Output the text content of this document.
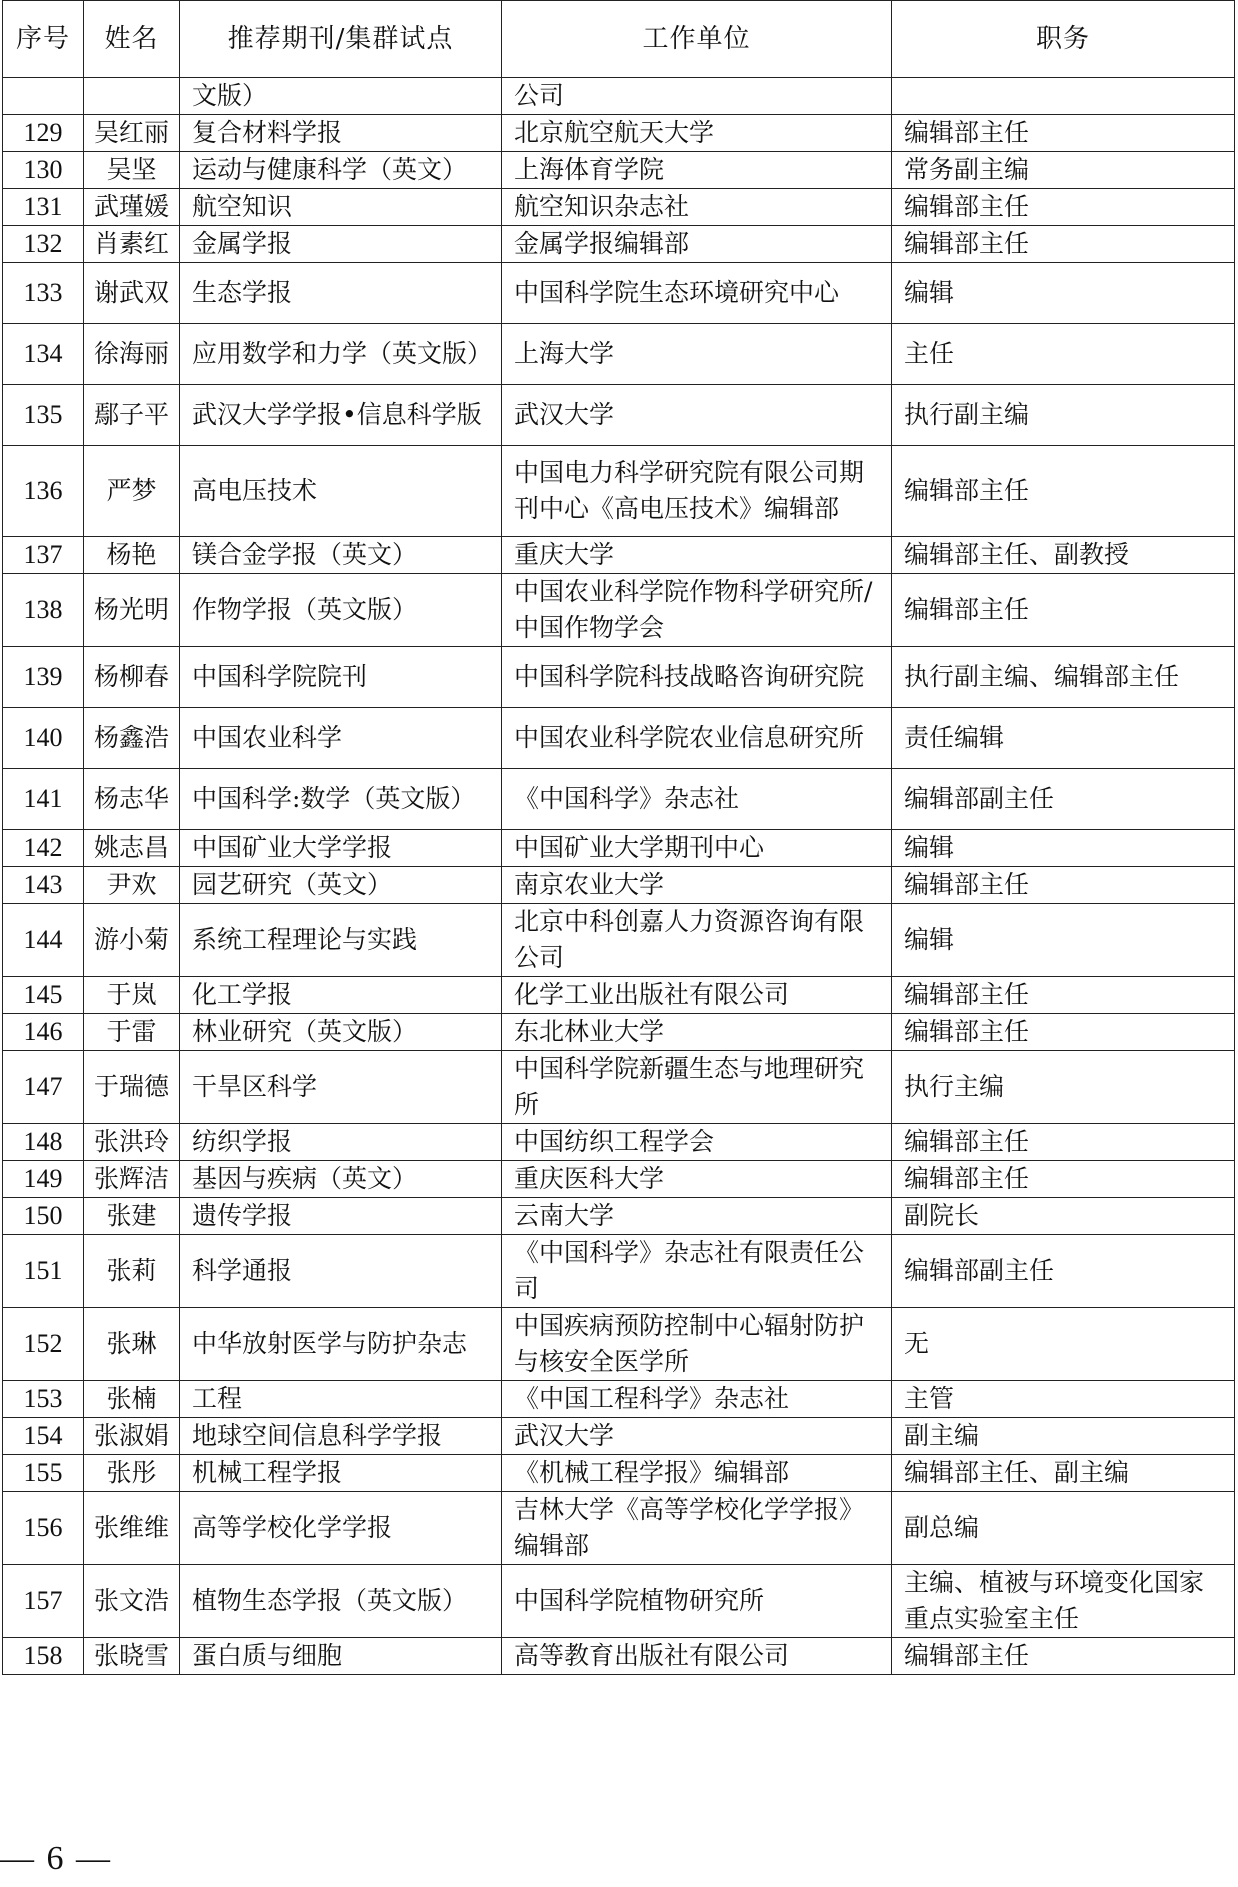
序号	姓名	推荐期刊/集群试点	工作单位	职务
		文版）	公司	
129	吴红丽	复合材料学报	北京航空航天大学	编辑部主任
130	吴坚	运动与健康科学（英文）	上海体育学院	常务副主编
131	武瑾媛	航空知识	航空知识杂志社	编辑部主任
132	肖素红	金属学报	金属学报编辑部	编辑部主任
133	谢武双	生态学报	中国科学院生态环境研究中心	编辑
134	徐海丽	应用数学和力学（英文版）	上海大学	主任
135	鄢子平	武汉大学学报•信息科学版	武汉大学	执行副主编
136	严梦	高电压技术	中国电力科学研究院有限公司期刊中心《高电压技术》编辑部	编辑部主任
137	杨艳	镁合金学报（英文）	重庆大学	编辑部主任、副教授
138	杨光明	作物学报（英文版）	中国农业科学院作物科学研究所/中国作物学会	编辑部主任
139	杨柳春	中国科学院院刊	中国科学院科技战略咨询研究院	执行副主编、编辑部主任
140	杨鑫浩	中国农业科学	中国农业科学院农业信息研究所	责任编辑
141	杨志华	中国科学:数学（英文版）	《中国科学》杂志社	编辑部副主任
142	姚志昌	中国矿业大学学报	中国矿业大学期刊中心	编辑
143	尹欢	园艺研究（英文）	南京农业大学	编辑部主任
144	游小菊	系统工程理论与实践	北京中科创嘉人力资源咨询有限公司	编辑
145	于岚	化工学报	化学工业出版社有限公司	编辑部主任
146	于雷	林业研究（英文版）	东北林业大学	编辑部主任
147	于瑞德	干旱区科学	中国科学院新疆生态与地理研究所	执行主编
148	张洪玲	纺织学报	中国纺织工程学会	编辑部主任
149	张辉洁	基因与疾病（英文）	重庆医科大学	编辑部主任
150	张建	遗传学报	云南大学	副院长
151	张莉	科学通报	《中国科学》杂志社有限责任公司	编辑部副主任
152	张琳	中华放射医学与防护杂志	中国疾病预防控制中心辐射防护与核安全医学所	无
153	张楠	工程	《中国工程科学》杂志社	主管
154	张淑娟	地球空间信息科学学报	武汉大学	副主编
155	张彤	机械工程学报	《机械工程学报》编辑部	编辑部主任、副主编
156	张维维	高等学校化学学报	吉林大学《高等学校化学学报》编辑部	副总编
157	张文浩	植物生态学报（英文版）	中国科学院植物研究所	主编、植被与环境变化国家重点实验室主任
158	张晓雪	蛋白质与细胞	高等教育出版社有限公司	编辑部主任
— 6 —
